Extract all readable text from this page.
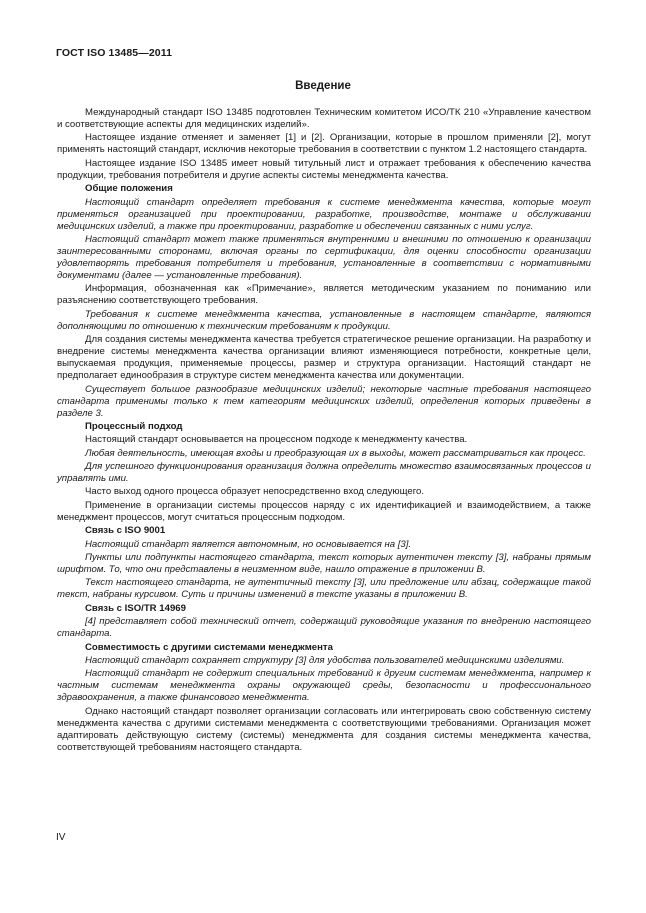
ГОСТ ISO 13485—2011
Введение
Международный стандарт ISO 13485 подготовлен Техническим комитетом ИСО/ТК 210 «Управление качеством и соответствующие аспекты для медицинских изделий».
Настоящее издание отменяет и заменяет [1] и [2]. Организации, которые в прошлом применяли [2], могут применять настоящий стандарт, исключив некоторые требования в соответствии с пунктом 1.2 настоящего стандарта.
Настоящее издание ISO 13485 имеет новый титульный лист и отражает требования к обеспечению качества продукции, требования потребителя и другие аспекты системы менеджмента качества.
Общие положения
Настоящий стандарт определяет требования к системе менеджмента качества, которые могут применяться организацией при проектировании, разработке, производстве, монтаже и обслуживании медицинских изделий, а также при проектировании, разработке и обеспечении связанных с ними услуг.
Настоящий стандарт может также применяться внутренними и внешними по отношению к организации заинтересованными сторонами, включая органы по сертификации, для оценки способности организации удовлетворять требования потребителя и требования, установленные в соответствии с нормативными документами (далее — установленные требования).
Информация, обозначенная как «Примечание», является методическим указанием по пониманию или разъяснению соответствующего требования.
Требования к системе менеджмента качества, установленные в настоящем стандарте, являются дополняющими по отношению к техническим требованиям к продукции.
Для создания системы менеджмента качества требуется стратегическое решение организации. На разработку и внедрение системы менеджмента качества организации влияют изменяющиеся потребности, конкретные цели, выпускаемая продукция, применяемые процессы, размер и структура организации. Настоящий стандарт не предполагает единообразия в структуре систем менеджмента качества или документации.
Существует большое разнообразие медицинских изделий; некоторые частные требования настоящего стандарта применимы только к тем категориям медицинских изделий, определения которых приведены в разделе 3.
Процессный подход
Настоящий стандарт основывается на процессном подходе к менеджменту качества.
Любая деятельность, имеющая входы и преобразующая их в выходы, может рассматриваться как процесс.
Для успешного функционирования организация должна определить множество взаимосвязанных процессов и управлять ими.
Часто выход одного процесса образует непосредственно вход следующего.
Применение в организации системы процессов наряду с их идентификацией и взаимодействием, а также менеджмент процессов, могут считаться процессным подходом.
Связь с ISO 9001
Настоящий стандарт является автономным, но основывается на [3].
Пункты или подпункты настоящего стандарта, текст которых аутентичен тексту [3], набраны прямым шрифтом. То, что они представлены в неизменном виде, нашло отражение в приложении В.
Текст настоящего стандарта, не аутентичный тексту [3], или предложение или абзац, содержащие такой текст, набраны курсивом. Суть и причины изменений в тексте указаны в приложении В.
Связь с ISO/TR 14969
[4] представляет собой технический отчет, содержащий руководящие указания по внедрению настоящего стандарта.
Совместимость с другими системами менеджмента
Настоящий стандарт сохраняет структуру [3] для удобства пользователей медицинскими изделиями.
Настоящий стандарт не содержит специальных требований к другим системам менеджмента, например к частным системам менеджмента охраны окружающей среды, безопасности и профессионального здравоохранения, а также финансового менеджмента.
Однако настоящий стандарт позволяет организации согласовать или интегрировать свою собственную систему менеджмента качества с другими системами менеджмента с соответствующими требованиями. Организация может адаптировать действующую систему (системы) менеджмента для создания системы менеджмента качества, соответствующей требованиям настоящего стандарта.
IV
